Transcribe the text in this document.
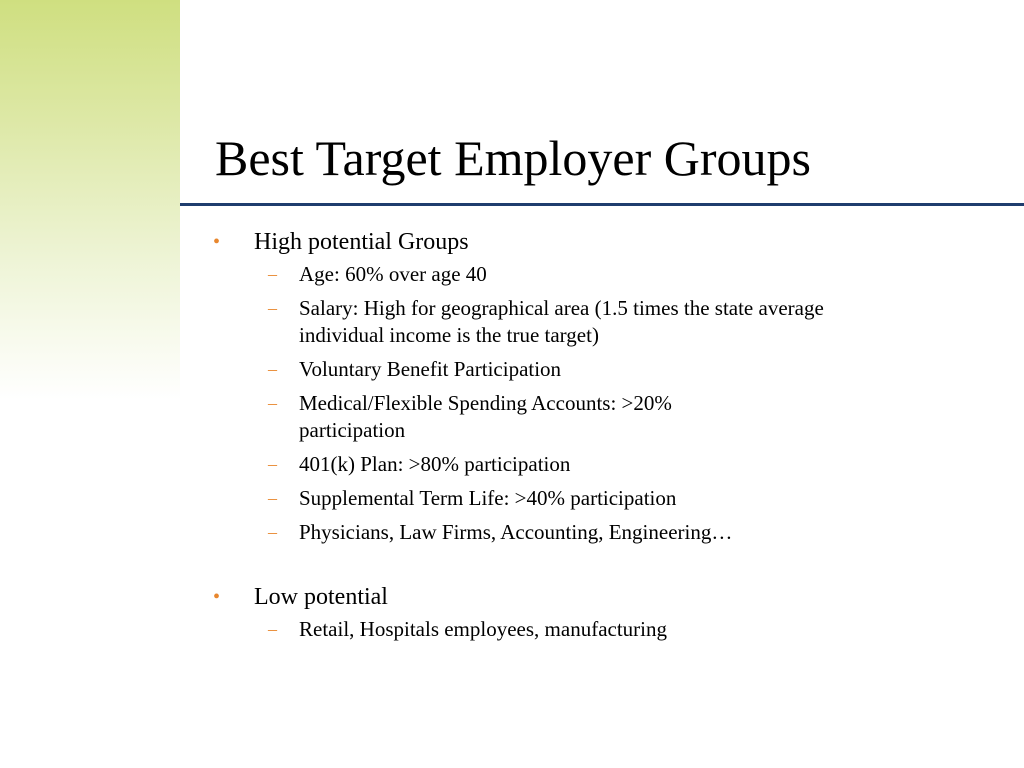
Best Target Employer Groups
• High potential Groups
– Age: 60% over age 40
– Salary: High for geographical area (1.5 times the state average individual income is the true target)
– Voluntary Benefit Participation
– Medical/Flexible Spending Accounts: >20% participation
– 401(k) Plan: >80% participation
– Supplemental Term Life: >40% participation
– Physicians, Law Firms, Accounting, Engineering…
• Low potential
– Retail, Hospitals employees, manufacturing
